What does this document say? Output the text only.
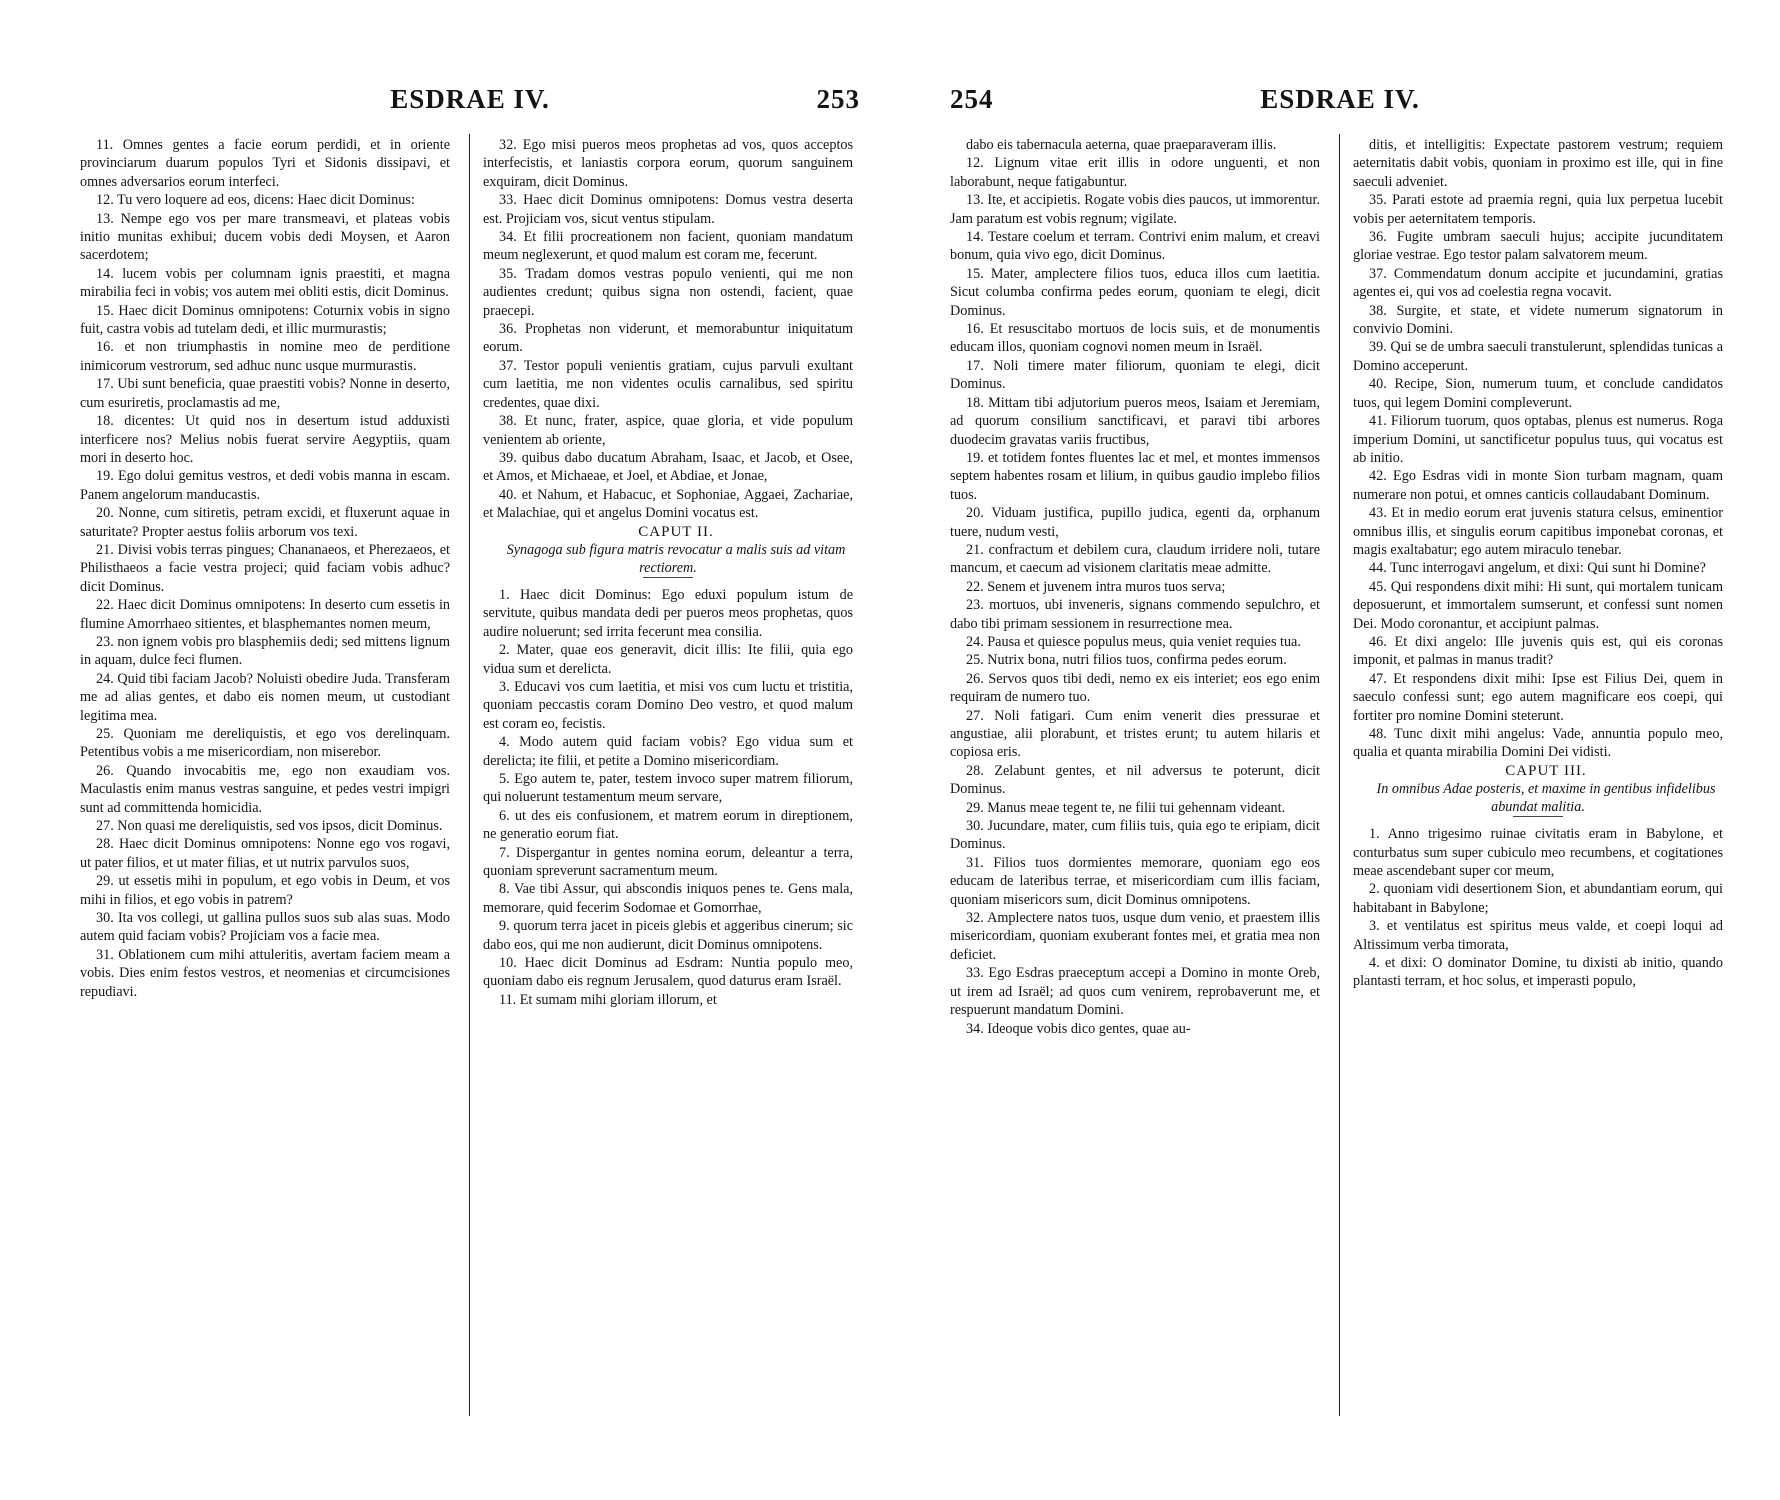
ESDRAE IV.	253

11. Omnes gentes a facie eorum perdidi, et in oriente provinciarum duarum populos Tyri et Sidonis dissipavi, et omnes adversarios eorum interfeci.

12. Tu vero loquere ad eos, dicens: Haec dicit Dominus:

13. Nempe ego vos per mare transmeavi, et plateas vobis initio munitas exhibui; ducem vobis dedi Moysen, et Aaron sacerdotem;

14. lucem vobis per columnam ignis praestiti, et magna mirabilia feci in vobis; vos autem mei obliti estis, dicit Dominus.

15. Haec dicit Dominus omnipotens: Coturnix vobis in signo fuit, castra vobis ad tutelam dedi, et illic murmurastis;

16. et non triumphastis in nomine meo de perditione inimicorum vestrorum, sed adhuc nunc usque murmurastis.

17. Ubi sunt beneficia, quae praestiti vobis? Nonne in deserto, cum esuriretis, proclamastis ad me,

18. dicentes: Ut quid nos in desertum istud adduxisti interficere nos? Melius nobis fuerat servire Aegyptiis, quam mori in deserto hoc.

19. Ego dolui gemitus vestros, et dedi vobis manna in escam. Panem angelorum manducastis.

20. Nonne, cum sitiretis, petram excidi, et fluxerunt aquae in saturitate? Propter aestus foliis arborum vos texi.

21. Divisi vobis terras pingues; Chananaeos, et Pherezaeos, et Philisthaeos a facie vestra projeci; quid faciam vobis adhuc? dicit Dominus.

22. Haec dicit Dominus omnipotens: In deserto cum essetis in flumine Amorrhaeo sitientes, et blasphemantes nomen meum,

23. non ignem vobis pro blasphemiis dedi; sed mittens lignum in aquam, dulce feci flumen.

24. Quid tibi faciam Jacob? Noluisti obedire Juda. Transferam me ad alias gentes, et dabo eis nomen meum, ut custodiant legitima mea.

25. Quoniam me dereliquistis, et ego vos derelinquam. Petentibus vobis a me misericordiam, non miserebor.

26. Quando invocabitis me, ego non exaudiam vos. Maculastis enim manus vestras sanguine, et pedes vestri impigri sunt ad committenda homicidia.

27. Non quasi me dereliquistis, sed vos ipsos, dicit Dominus.

28. Haec dicit Dominus omnipotens: Nonne ego vos rogavi, ut pater filios, et ut mater filias, et ut nutrix parvulos suos,

29. ut essetis mihi in populum, et ego vobis in Deum, et vos mihi in filios, et ego vobis in patrem?

30. Ita vos collegi, ut gallina pullos suos sub alas suas. Modo autem quid faciam vobis? Projiciam vos a facie mea.

31. Oblationem cum mihi attuleritis, avertam faciem meam a vobis. Dies enim festos vestros, et neomenias et circumcisiones repudiavi.

32. Ego misi pueros meos prophetas ad vos, quos acceptos interfecistis, et laniastis corpora eorum, quorum sanguinem exquiram, dicit Dominus.

33. Haec dicit Dominus omnipotens: Domus vestra deserta est. Projiciam vos, sicut ventus stipulam.

34. Et filii procreationem non facient, quoniam mandatum meum neglexerunt, et quod malum est coram me, fecerunt.

35. Tradam domos vestras populo venienti, qui me non audientes credunt; quibus signa non ostendi, facient, quae praecepi.

36. Prophetas non viderunt, et memorabuntur iniquitatum eorum.

37. Testor populi venientis gratiam, cujus parvuli exultant cum laetitia, me non videntes oculis carnalibus, sed spiritu credentes, quae dixi.

38. Et nunc, frater, aspice, quae gloria, et vide populum venientem ab oriente,

39. quibus dabo ducatum Abraham, Isaac, et Jacob, et Osee, et Amos, et Michaeae, et Joel, et Abdiae, et Jonae,

40. et Nahum, et Habacuc, et Sophoniae, Aggaei, Zachariae, et Malachiae, qui et angelus Domini vocatus est.

CAPUT II.

Synagoga sub figura matris revocatur a malis suis ad vitam rectiorem.

1. Haec dicit Dominus: Ego eduxi populum istum de servitute, quibus mandata dedi per pueros meos prophetas, quos audire noluerunt; sed irrita fecerunt mea consilia.

2. Mater, quae eos generavit, dicit illis: Ite filii, quia ego vidua sum et derelicta.

3. Educavi vos cum laetitia, et misi vos cum luctu et tristitia, quoniam peccastis coram Domino Deo vestro, et quod malum est coram eo, fecistis.

4. Modo autem quid faciam vobis? Ego vidua sum et derelicta; ite filii, et petite a Domino misericordiam.

5. Ego autem te, pater, testem invoco super matrem filiorum, qui noluerunt testamentum meum servare,

6. ut des eis confusionem, et matrem eorum in direptionem, ne generatio eorum fiat.

7. Dispergantur in gentes nomina eorum, deleantur a terra, quoniam spreverunt sacramentum meum.

8. Vae tibi Assur, qui abscondis iniquos penes te. Gens mala, memorare, quid fecerim Sodomae et Gomorrhae,

9. quorum terra jacet in piceis glebis et aggeribus cinerum; sic dabo eos, qui me non audierunt, dicit Dominus omnipotens.

10. Haec dicit Dominus ad Esdram: Nuntia populo meo, quoniam dabo eis regnum Jerusalem, quod daturus eram Israël.

11. Et sumam mihi gloriam illorum, et

254	ESDRAE IV.

dabo eis tabernacula aeterna, quae praeparaveram illis.

12. Lignum vitae erit illis in odore unguenti, et non laborabunt, neque fatigabuntur.

13. Ite, et accipietis. Rogate vobis dies paucos, ut immorentur. Jam paratum est vobis regnum; vigilate.

14. Testare coelum et terram. Contrivi enim malum, et creavi bonum, quia vivo ego, dicit Dominus.

15. Mater, amplectere filios tuos, educa illos cum laetitia. Sicut columba confirma pedes eorum, quoniam te elegi, dicit Dominus.

16. Et resuscitabo mortuos de locis suis, et de monumentis educam illos, quoniam cognovi nomen meum in Israël.

17. Noli timere mater filiorum, quoniam te elegi, dicit Dominus.

18. Mittam tibi adjutorium pueros meos, Isaiam et Jeremiam, ad quorum consilium sanctificavi, et paravi tibi arbores duodecim gravatas variis fructibus,

19. et totidem fontes fluentes lac et mel, et montes immensos septem habentes rosam et lilium, in quibus gaudio implebo filios tuos.

20. Viduam justifica, pupillo judica, egenti da, orphanum tuere, nudum vesti,

21. confractum et debilem cura, claudum irridere noli, tutare mancum, et caecum ad visionem claritatis meae admitte.

22. Senem et juvenem intra muros tuos serva;

23. mortuos, ubi inveneris, signans commendo sepulchro, et dabo tibi primam sessionem in resurrectione mea.

24. Pausa et quiesce populus meus, quia veniet requies tua.

25. Nutrix bona, nutri filios tuos, confirma pedes eorum.

26. Servos quos tibi dedi, nemo ex eis interiet; eos ego enim requiram de numero tuo.

27. Noli fatigari. Cum enim venerit dies pressurae et angustiae, alii plorabunt, et tristes erunt; tu autem hilaris et copiosa eris.

28. Zelabunt gentes, et nil adversus te poterunt, dicit Dominus.

29. Manus meae tegent te, ne filii tui gehennam videant.

30. Jucundare, mater, cum filiis tuis, quia ego te eripiam, dicit Dominus.

31. Filios tuos dormientes memorare, quoniam ego eos educam de lateribus terrae, et misericordiam cum illis faciam, quoniam misericors sum, dicit Dominus omnipotens.

32. Amplectere natos tuos, usque dum venio, et praestem illis misericordiam, quoniam exuberant fontes mei, et gratia mea non deficiet.

33. Ego Esdras praeceptum accepi a Domino in monte Oreb, ut irem ad Israël; ad quos cum venirem, reprobaverunt me, et respuerunt mandatum Domini.

34. Ideoque vobis dico gentes, quae au-

ditis, et intelligitis: Expectate pastorem vestrum; requiem aeternitatis dabit vobis, quoniam in proximo est ille, qui in fine saeculi adveniet.

35. Parati estote ad praemia regni, quia lux perpetua lucebit vobis per aeternitatem temporis.

36. Fugite umbram saeculi hujus; accipite jucunditatem gloriae vestrae. Ego testor palam salvatorem meum.

37. Commendatum donum accipite et jucundamini, gratias agentes ei, qui vos ad coelestia regna vocavit.

38. Surgite, et state, et videte numerum signatorum in convivio Domini.

39. Qui se de umbra saeculi transtulerunt, splendidas tunicas a Domino acceperunt.

40. Recipe, Sion, numerum tuum, et conclude candidatos tuos, qui legem Domini compleverunt.

41. Filiorum tuorum, quos optabas, plenus est numerus. Roga imperium Domini, ut sanctificetur populus tuus, qui vocatus est ab initio.

42. Ego Esdras vidi in monte Sion turbam magnam, quam numerare non potui, et omnes canticis collaudabant Dominum.

43. Et in medio eorum erat juvenis statura celsus, eminentior omnibus illis, et singulis eorum capitibus imponebat coronas, et magis exaltabatur; ego autem miraculo tenebar.

44. Tunc interrogavi angelum, et dixi: Qui sunt hi Domine?

45. Qui respondens dixit mihi: Hi sunt, qui mortalem tunicam deposuerunt, et immortalem sumserunt, et confessi sunt nomen Dei. Modo coronantur, et accipiunt palmas.

46. Et dixi angelo: Ille juvenis quis est, qui eis coronas imponit, et palmas in manus tradit?

47. Et respondens dixit mihi: Ipse est Filius Dei, quem in saeculo confessi sunt; ego autem magnificare eos coepi, qui fortiter pro nomine Domini steterunt.

48. Tunc dixit mihi angelus: Vade, annuntia populo meo, qualia et quanta mirabilia Domini Dei vidisti.

CAPUT III.

In omnibus Adae posteris, et maxime in gentibus infidelibus abundat malitia.

1. Anno trigesimo ruinae civitatis eram in Babylone, et conturbatus sum super cubiculo meo recumbens, et cogitationes meae ascendebant super cor meum,

2. quoniam vidi desertionem Sion, et abundantiam eorum, qui habitabant in Babylone;

3. et ventilatus est spiritus meus valde, et coepi loqui ad Altissimum verba timorata,

4. et dixi: O dominator Domine, tu dixisti ab initio, quando plantasti terram, et hoc solus, et imperasti populo,
